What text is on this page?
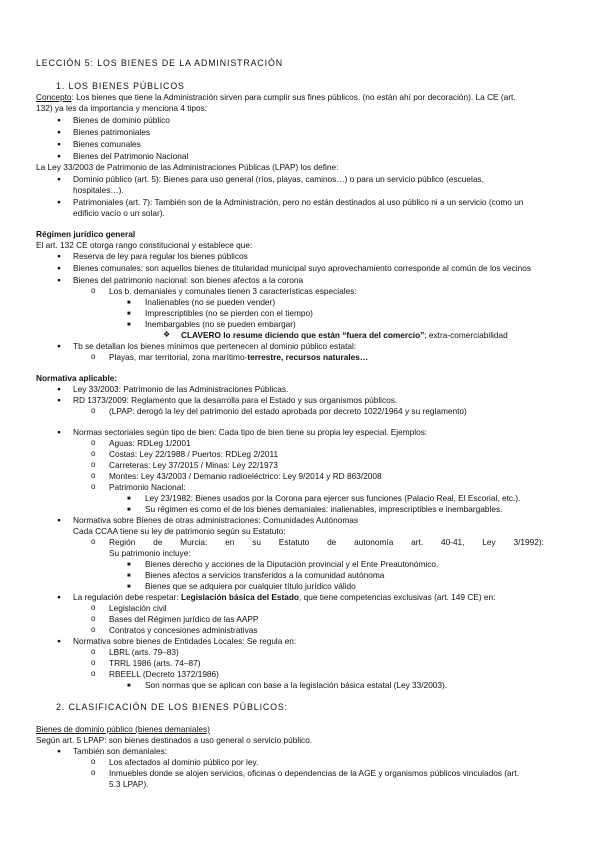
LECCIÓN 5: LOS BIENES DE LA ADMINISTRACIÓN
1. LOS BIENES PÚBLICOS
Concepto: Los bienes que tiene la Administración sirven para cumplir sus fines públicos. (no están ahí por decoración). La CE (art.
132) ya les da importancia y menciona 4 tipos:
●
Bienes de dominio público
●
Bienes patrimoniales
●
Bienes comunales
●
Bienes del Patrimonio Nacional
La Ley 33/2003 de Patrimonio de las Administraciones Públicas (LPAP) los define:
●
Dominio público (art. 5): Bienes para uso general (ríos, playas, caminos…) o para un servicio público (escuelas,
hospitales…).
●
Patrimoniales (art. 7): También son de la Administración, pero no están destinados al uso público ni a un servicio (como un
edificio vacío o un solar).
Régimen jurídico general
El art. 132 CE otorga rango constitucional y establece que:
●
Reserva de ley para regular los bienes públicos
●
Bienes comunales: son aquellos bienes de titularidad municipal suyo aprovechamiento corresponde al común de los vecinos
●
Bienes del patrimonio nacional: son bienes afectos a la corona
o
Los b. demaniales y comunales tienen 3 características especiales:
■
Inalienables (no se pueden vender)
■
Imprescriptibles (no se pierden con el tiempo)
■
Inembargables (no se pueden embargar)
❖
CLAVERO lo resume diciendo que están “fuera del comercio”; extra-comerciabilidad
●
Tb se detallan los bienes mínimos que pertenecen al dominio público estatal:
o
Playas, mar territorial, zona marítimo-terrestre, recursos naturales…
Normativa aplicable:
●
Ley 33/2003: Patrimonio de las Administraciones Públicas.
●
RD 1373/2009: Reglamento que la desarrolla para el Estado y sus organismos públicos.
o
(LPAP: derogó la ley del patrimonio del estado aprobada por decreto 1022/1964 y su reglamento)
●
Normas sectoriales según tipo de bien: Cada tipo de bien tiene su propia ley especial. Ejemplos:
o
Aguas: RDLeg 1/2001
o
Costas: Ley 22/1988 / Puertos: RDLeg 2/2011
o
Carreteras: Ley 37/2015 / Minas: Ley 22/1973
o
Montes: Ley 43/2003 / Demanio radioeléctrico: Ley 9/2014 y RD 863/2008
o
Patrimonio Nacional:
■
Ley 23/1982: Bienes usados por la Corona para ejercer sus funciones (Palacio Real, El Escorial, etc.).
■
Su régimen es como el de los bienes demaniales: inalienables, imprescriptibles e inembargables.
●
Normativa sobre Bienes de otras administraciones: Comunidades Autónomas
Cada CCAA tiene su ley de patrimonio según su Estatuto:
o
Región de Murcia: en su Estatuto de autonomía art. 40-41, Ley 3/1992):
Su patrimonio incluye:
■
Bienes derecho y acciones de la Diputación provincial y el Ente Preautonómico.
■
Bienes afectos a servicios transferidos a la comunidad autónoma
■
Bienes que se adquiera por cualquier título jurídico válido
●
La regulación debe respetar: Legislación básica del Estado, que tiene competencias exclusivas (art. 149 CE) en:
o
Legislación civil
o
Bases del Régimen jurídico de las AAPP
o
Contratos y concesiones administrativas
●
Normativa sobre bienes de Entidades Locales: Se regula en:
o
LBRL (arts. 79–83)
o
TRRL 1986 (arts. 74–87)
o
RBEELL (Decreto 1372/1986)
■
Son normas que se aplican con base a la legislación básica estatal (Ley 33/2003).
2. CLASIFICACIÓN DE LOS BIENES PÚBLICOS:
Bienes de dominio público (bienes demaniales)
Según art. 5 LPAP: son bienes destinados a uso general o servicio público.
●
También son demaniales:
o
Los afectados al dominio público por ley.
o
Inmuebles donde se alojen servicios, oficinas o dependencias de la AGE y organismos públicos vinculados (art.
5.3 LPAP).
